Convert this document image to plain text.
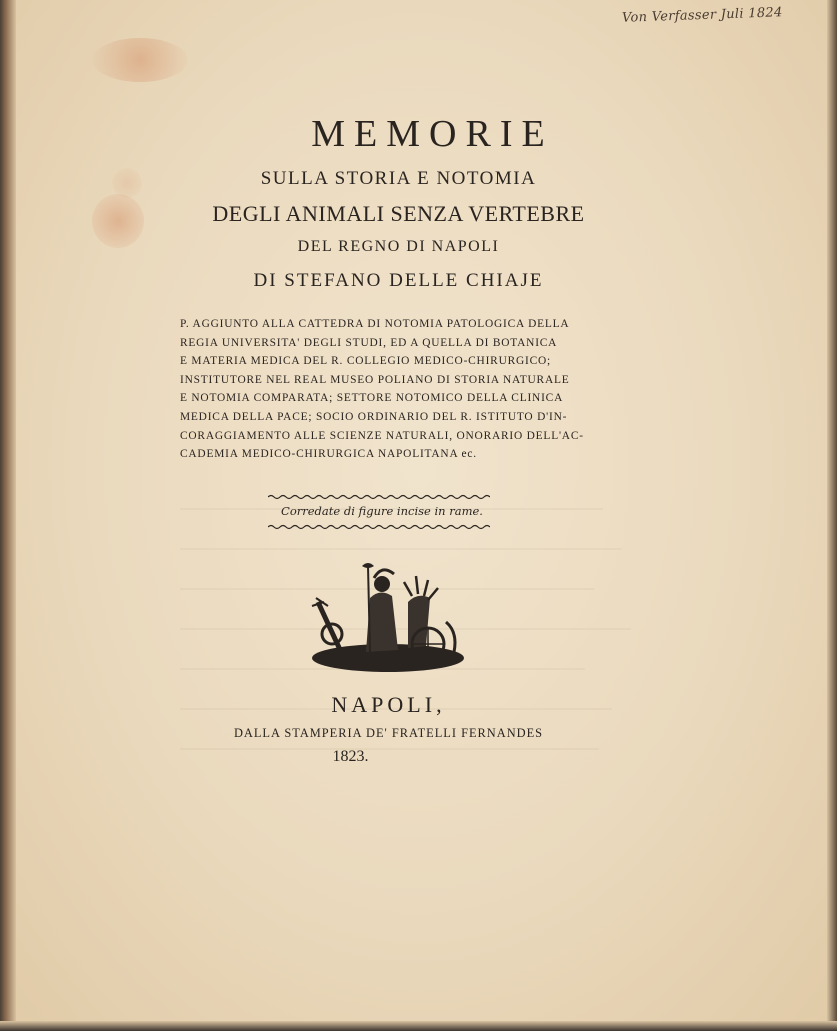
Von Verfasser Juli 1824
MEMORIE
SULLA STORIA E NOTOMIA
DEGLI ANIMALI SENZA VERTEBRE
DEL REGNO DI NAPOLI
DI STEFANO DELLE CHIAJE
P. AGGIUNTO ALLA CATTEDRA DI NOTOMIA PATOLOGICA DELLA
REGIA UNIVERSITA' DEGLI STUDI, ED A QUELLA DI BOTANICA
E MATERIA MEDICA DEL R. COLLEGIO MEDICO-CHIRURGICO;
INSTITUTORE NEL REAL MUSEO POLIANO DI STORIA NATURALE
E NOTOMIA COMPARATA; SETTORE NOTOMICO DELLA CLINICA
MEDICA DELLA PACE; SOCIO ORDINARIO DEL R. ISTITUTO D'IN-
CORAGGIAMENTO ALLE SCIENZE NATURALI, ONORARIO DELL'AC-
CADEMIA MEDICO-CHIRURGICA NAPOLITANA ec.
Corredate di figure incise in rame.
NAPOLI,
DALLA STAMPERIA DE' FRATELLI FERNANDES
1823.
